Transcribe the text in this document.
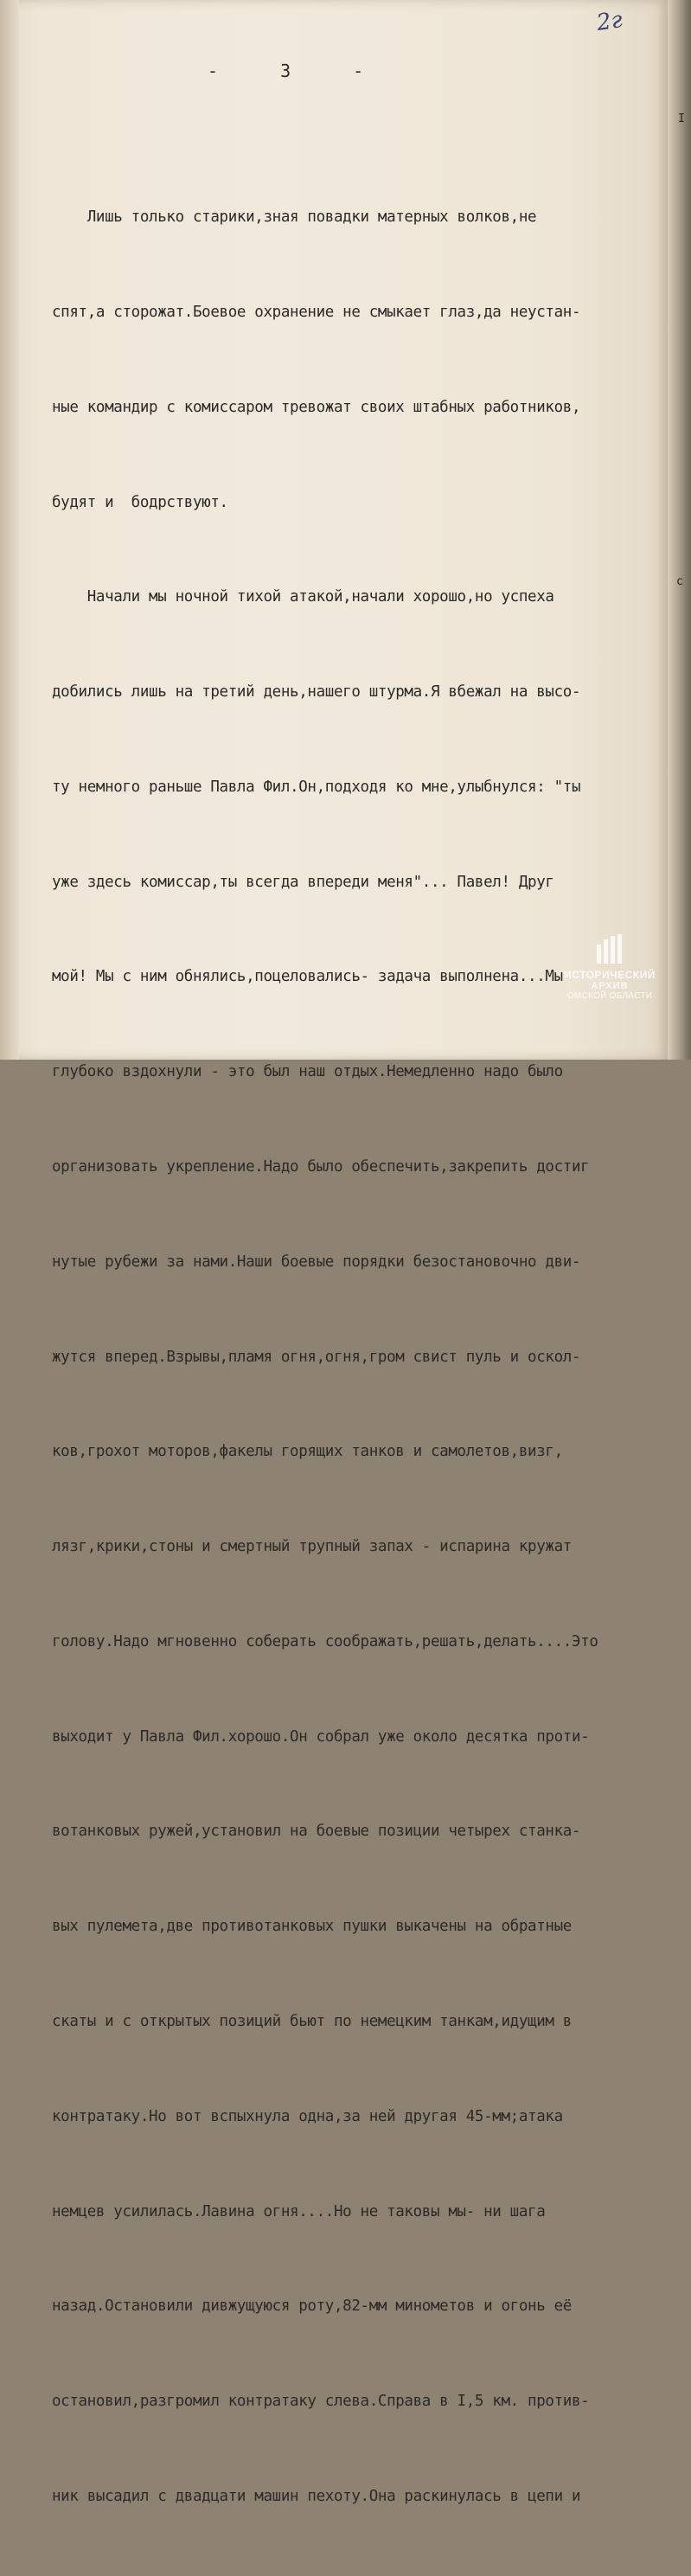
2г
- 3 -

Лишь только старики,зная повадки матерных волков,не

спят,а сторожат.Боевое охранение не смыкает глаз,да неустан-

ные командир с комиссаром тревожат своих штабных работников,

будят и  бодрствуют.

Начали мы ночной тихой атакой,начали хорошо,но успеха

добились лишь на третий день,нашего штурма.Я вбежал на высо-

ту немного раньше Павла Фил.Он,подходя ко мне,улыбнулся: "ты

уже здесь комиссар,ты всегда впереди меня"... Павел! Друг

мой! Мы с ним обнялись,поцеловались- задача выполнена...Мы

глубоко вздохнули - это был наш отдых.Немедленно надо было

организовать укрепление.Надо было обеспечить,закрепить достиг

нутые рубежи за нами.Наши боевые порядки безостановочно дви-

жутся вперед.Взрывы,пламя огня,огня,гром свист пуль и оскол-

ков,грохот моторов,факелы горящих танков и самолетов,визг,

лязг,крики,стоны и смертный трупный запах - испарина кружат

голову.Надо мгновенно соберать соображать,решать,делать....Это

выходит у Павла Фил.хорошо.Он собрал уже около десятка проти-

вотанковых ружей,установил на боевые позиции четырех станка-

вых пулемета,две противотанковых пушки выкачены на обратные

скаты и с открытых позиций бьют по немецким танкам,идущим в

контратаку.Но вот вспыхнула одна,за ней другая 45-мм;атака

немцев усилилась.Лавина огня....Но не таковы мы- ни шага

назад.Остановили дивжущуюся роту,82-мм минометов и огонь её

остановил,разгромил контратаку слева.Справа в I,5 км. против-

ник высадил с двадцати машин пехоту.Она раскинулась в цепи и

ИСТОРИЧЕСКИЙ
АРХИВ
ОМСКОЙ ОБЛАСТИ
I
с
